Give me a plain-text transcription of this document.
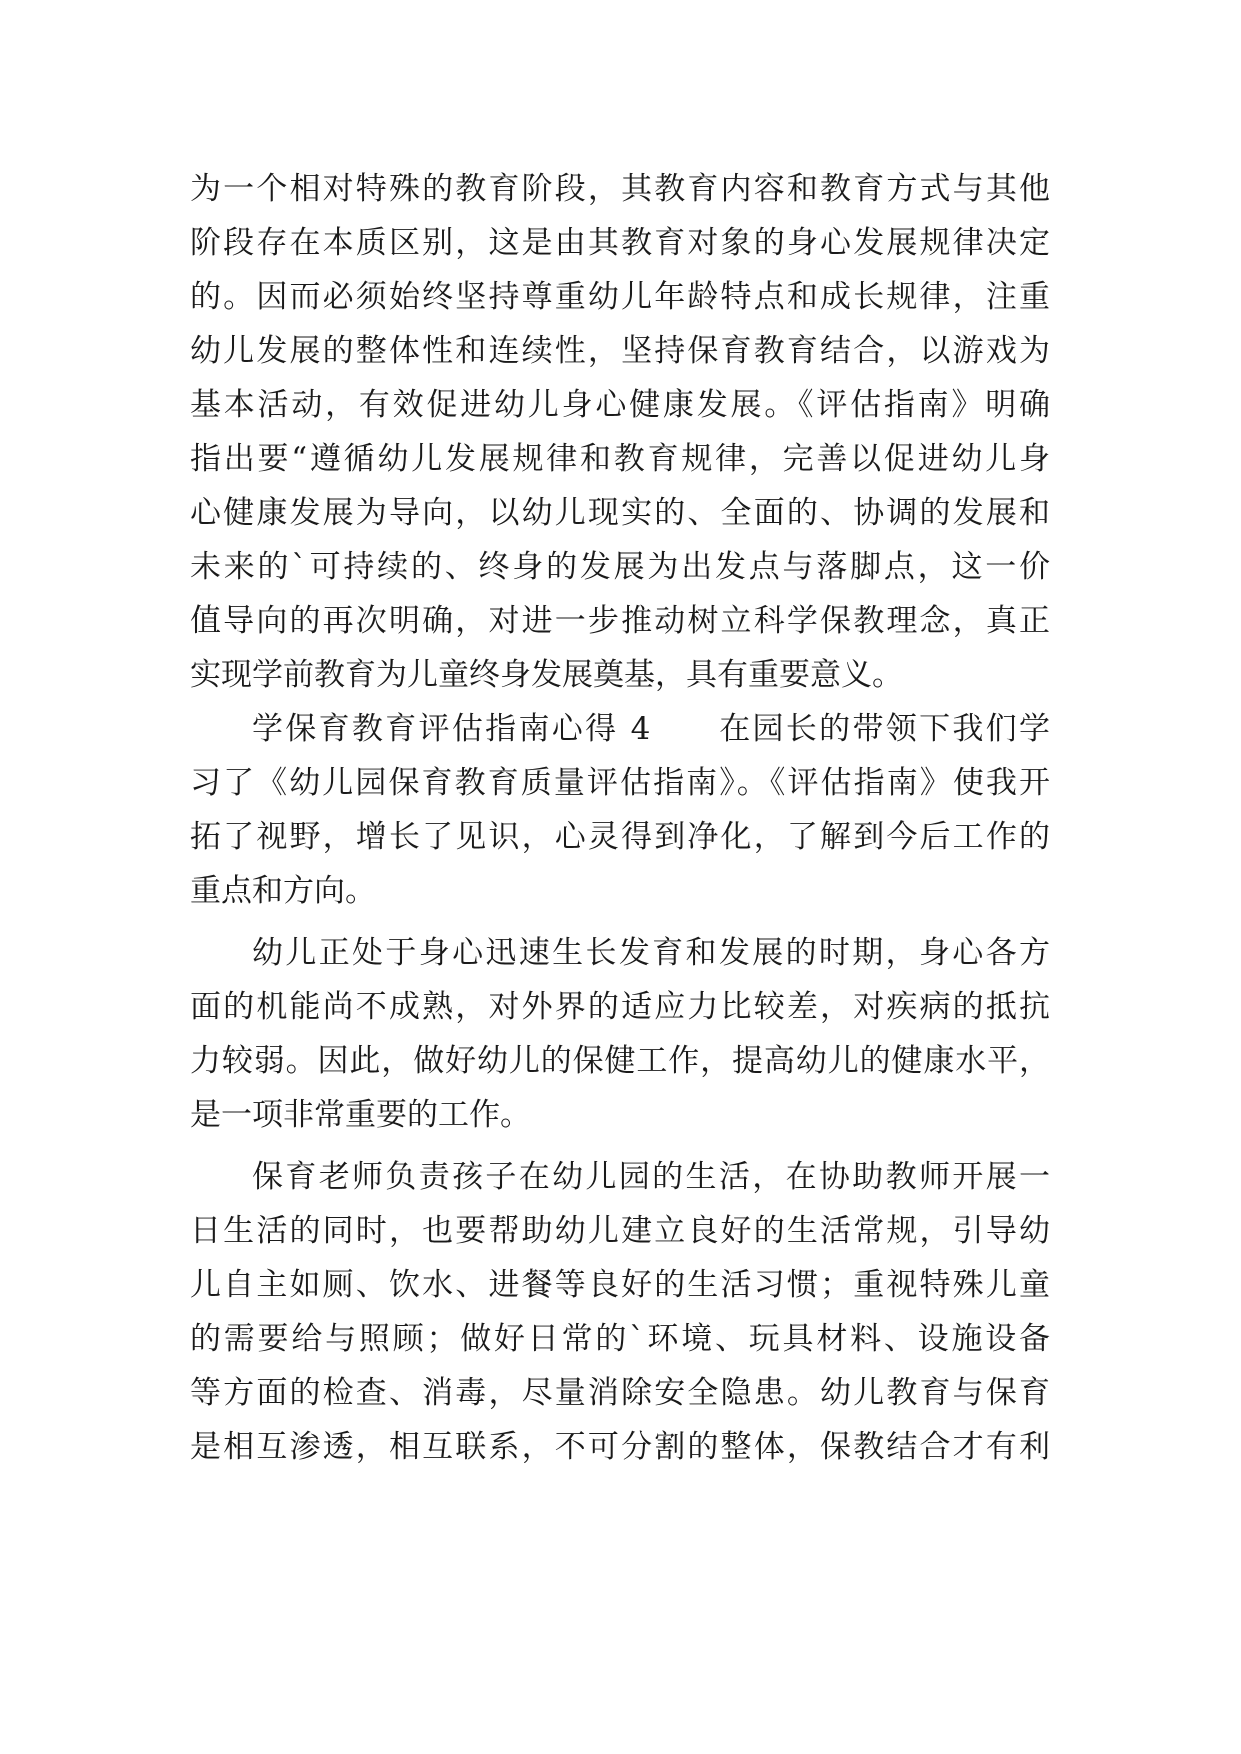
为一个相对特殊的教育阶段，其教育内容和教育方式与其他
阶段存在本质区别，这是由其教育对象的身心发展规律决定
的。因而必须始终坚持尊重幼儿年龄特点和成长规律，注重
幼儿发展的整体性和连续性，坚持保育教育结合，以游戏为
基本活动，有效促进幼儿身心健康发展。《评估指南》明确
指出要“遵循幼儿发展规律和教育规律，完善以促进幼儿身
心健康发展为导向，以幼儿现实的、全面的、协调的发展和
未来的`可持续的、终身的发展为出发点与落脚点，这一价
值导向的再次明确，对进一步推动树立科学保教理念，真正
实现学前教育为儿童终身发展奠基，具有重要意义。
学保育教育评估指南心得 4　　在园长的带领下我们学
习了《幼儿园保育教育质量评估指南》。《评估指南》使我开
拓了视野，增长了见识，心灵得到净化，了解到今后工作的
重点和方向。
幼儿正处于身心迅速生长发育和发展的时期，身心各方
面的机能尚不成熟，对外界的适应力比较差，对疾病的抵抗
力较弱。因此，做好幼儿的保健工作，提高幼儿的健康水平，
是一项非常重要的工作。
保育老师负责孩子在幼儿园的生活，在协助教师开展一
日生活的同时，也要帮助幼儿建立良好的生活常规，引导幼
儿自主如厕、饮水、进餐等良好的生活习惯；重视特殊儿童
的需要给与照顾；做好日常的`环境、玩具材料、设施设备
等方面的检查、消毒，尽量消除安全隐患。幼儿教育与保育
是相互渗透，相互联系，不可分割的整体，保教结合才有利
